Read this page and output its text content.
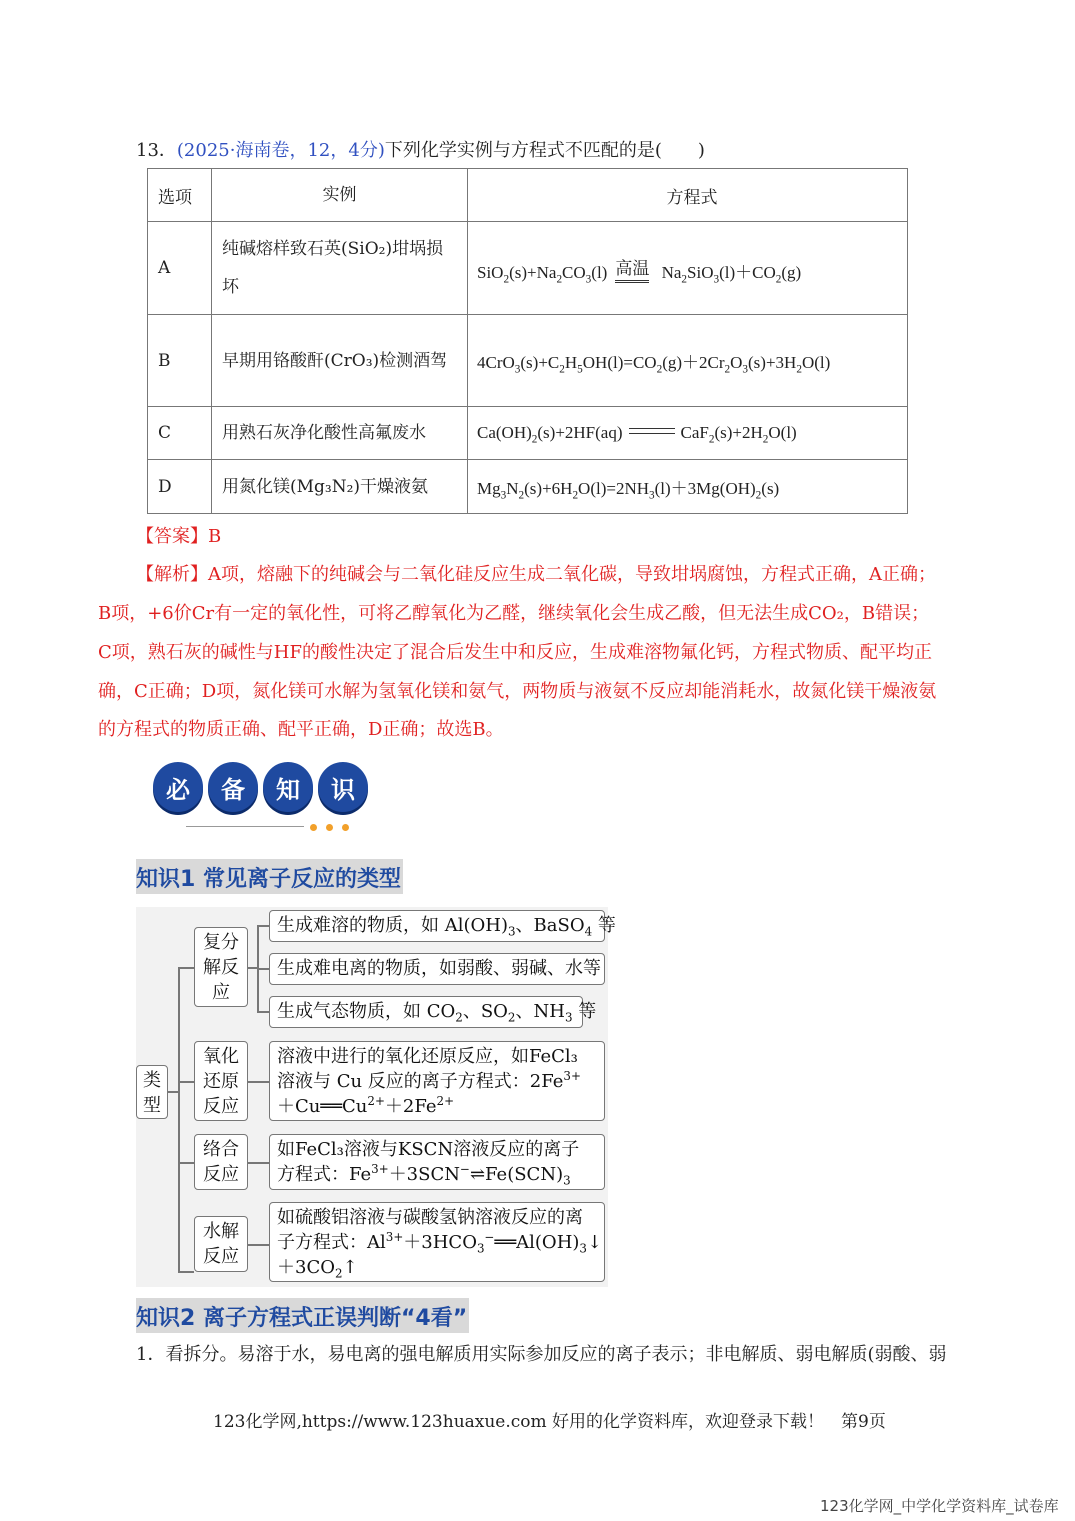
13．(2025·海南卷，12，4分)下列化学实例与方程式不匹配的是(　　)
选项	实例	方程式
A	纯碱熔样致石英(SiO₂)坩埚损坏	$SiO_2(s)+Na_2CO_3(l)$ 高温 $Na_2SiO_3(l)+CO_2(g)$
B	早期用铬酸酐(CrO₃)检测酒驾	$4CrO_3(s)+C_2H_5OH(l)=CO_2(g)+2Cr_2O_3(s)+3H_2O(l)$
C	用熟石灰净化酸性高氟废水	$Ca(OH)_2(s)+2HF(aq)$ $CaF_2(s)+2H_2O(l)$
D	用氮化镁(Mg₃N₂)干燥液氨	$Mg_3N_2(s)+6H_2O(l)=2NH_3(l)+3Mg(OH)_2(s)$
【答案】B
【解析】A项，熔融下的纯碱会与二氧化硅反应生成二氧化碳，导致坩埚腐蚀，方程式正确，A正确；
B项，+6价Cr有一定的氧化性，可将乙醇氧化为乙醛，继续氧化会生成乙酸，但无法生成CO₂，B错误；
C项，熟石灰的碱性与HF的酸性决定了混合后发生中和反应，生成难溶物氟化钙，方程式物质、配平均正
确，C正确；D项，氮化镁可水解为氢氧化镁和氨气，两物质与液氨不反应却能消耗水，故氮化镁干燥液氨
的方程式的物质正确、配平正确，D正确；故选B。
必	备	知	识
知识1 常见离子反应的类型
类型
复分解反应
氧化还原反应
络合反应
水解反应
生成难溶的物质，如 $Al(OH)_3$、BaSO$_4$ 等
生成难电离的物质，如弱酸、弱碱、水等
生成气态物质，如 $CO_2$、$SO_2$、$NH_3$ 等
溶液中进行的氧化还原反应，如FeCl₃
溶液与 Cu 反应的离子方程式：$2Fe^{3+}$
$+Cu══Cu^{2+}+2Fe^{2+}$
如FeCl₃溶液与KSCN溶液反应的离子
方程式：$Fe^{3+}+3SCN^-\rightleftharpoons Fe(SCN)_3$
如硫酸铝溶液与碳酸氢钠溶液反应的离
子方程式：$Al^{3+}+3HCO_3^-══Al(OH)_3↓$
$+3CO_2↑$
知识2 离子方程式正误判断“4看”
1．看拆分。易溶于水，易电离的强电解质用实际参加反应的离子表示；非电解质、弱电解质(弱酸、弱
123化学网,https://www.123huaxue.com 好用的化学资料库，欢迎登录下载！　第9页
123化学网_中学化学资料库_试卷库
